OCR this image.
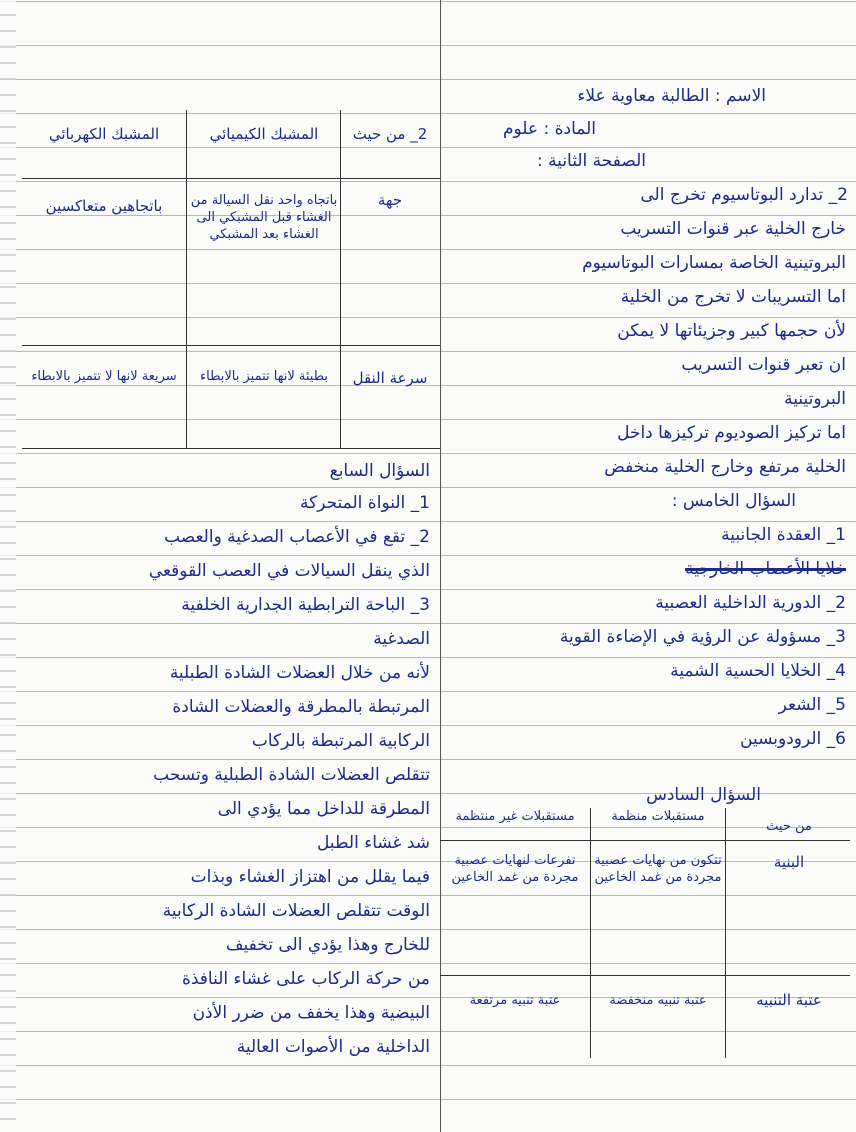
الاسم : الطالبة معاوية علاء
المادة : علوم
الصفحة الثانية :
2_ تدارد البوتاسيوم تخرج الى
خارج الخلية عبر قنوات التسريب
البروتينية الخاصة بمسارات البوتاسيوم
اما التسريبات لا تخرج من الخلية
لأن حجمها كبير وجزيئاتها لا يمكن
ان تعبر قنوات التسريب
البروتينية
اما تركيز الصوديوم تركيزها داخل
الخلية مرتفع وخارج الخلية منخفض
السؤال الخامس :
1_ العقدة الجانبية
خلايا الأعصاب الخارجية
2_ الدورية الداخلية العصبية
3_ مسؤولة عن الرؤية في الإضاءة القوية
4_ الخلايا الحسية الشمية
5_ الشعر
6_ الرودوبسين
السؤال السادس
السؤال السابع
1_ النواة المتحركة
2_ تقع في الأعصاب الصدغية والعصب
الذي ينقل السيالات في العصب القوقعي
3_ الباحة الترابطية الجدارية الخلفية
الصدغية
لأنه من خلال العضلات الشادة الطبلية
المرتبطة بالمطرقة والعضلات الشادة
الركابية المرتبطة بالركاب
تتقلص العضلات الشادة الطبلية وتسحب
المطرقة للداخل مما يؤدي الى
شد غشاء الطبل
فيما يقلل من اهتزاز الغشاء وبذات
الوقت تتقلص العضلات الشادة الركابية
للخارج وهذا يؤدي الى تخفيف
من حركة الركاب على غشاء النافذة
البيضية وهذا يخفف من ضرر الأذن
الداخلية من الأصوات العالية
2_ من حيث
المشبك الكيميائي
المشبك الكهربائي
جهة
باتجاه واحد نقل السيالة من الغشاء قبل المشبكي الى الغشاء بعد المشبكي
باتجاهين متعاكسين
سرعة النقل
بطيئة لانها تتميز بالابطاء
سريعة لانها لا تتميز بالابطاء
من حيث
مستقبلات منظمة
مستقبلات غير منتظمة
البنية
تتكون من نهايات عصبية مجردة من غمد الخاعين
تفرعات لنهايات عصبية مجردة من غمد الخاعين
عتبة التنبيه
عتبة تنبيه منخفضة
عتبة تنبيه مرتفعة
